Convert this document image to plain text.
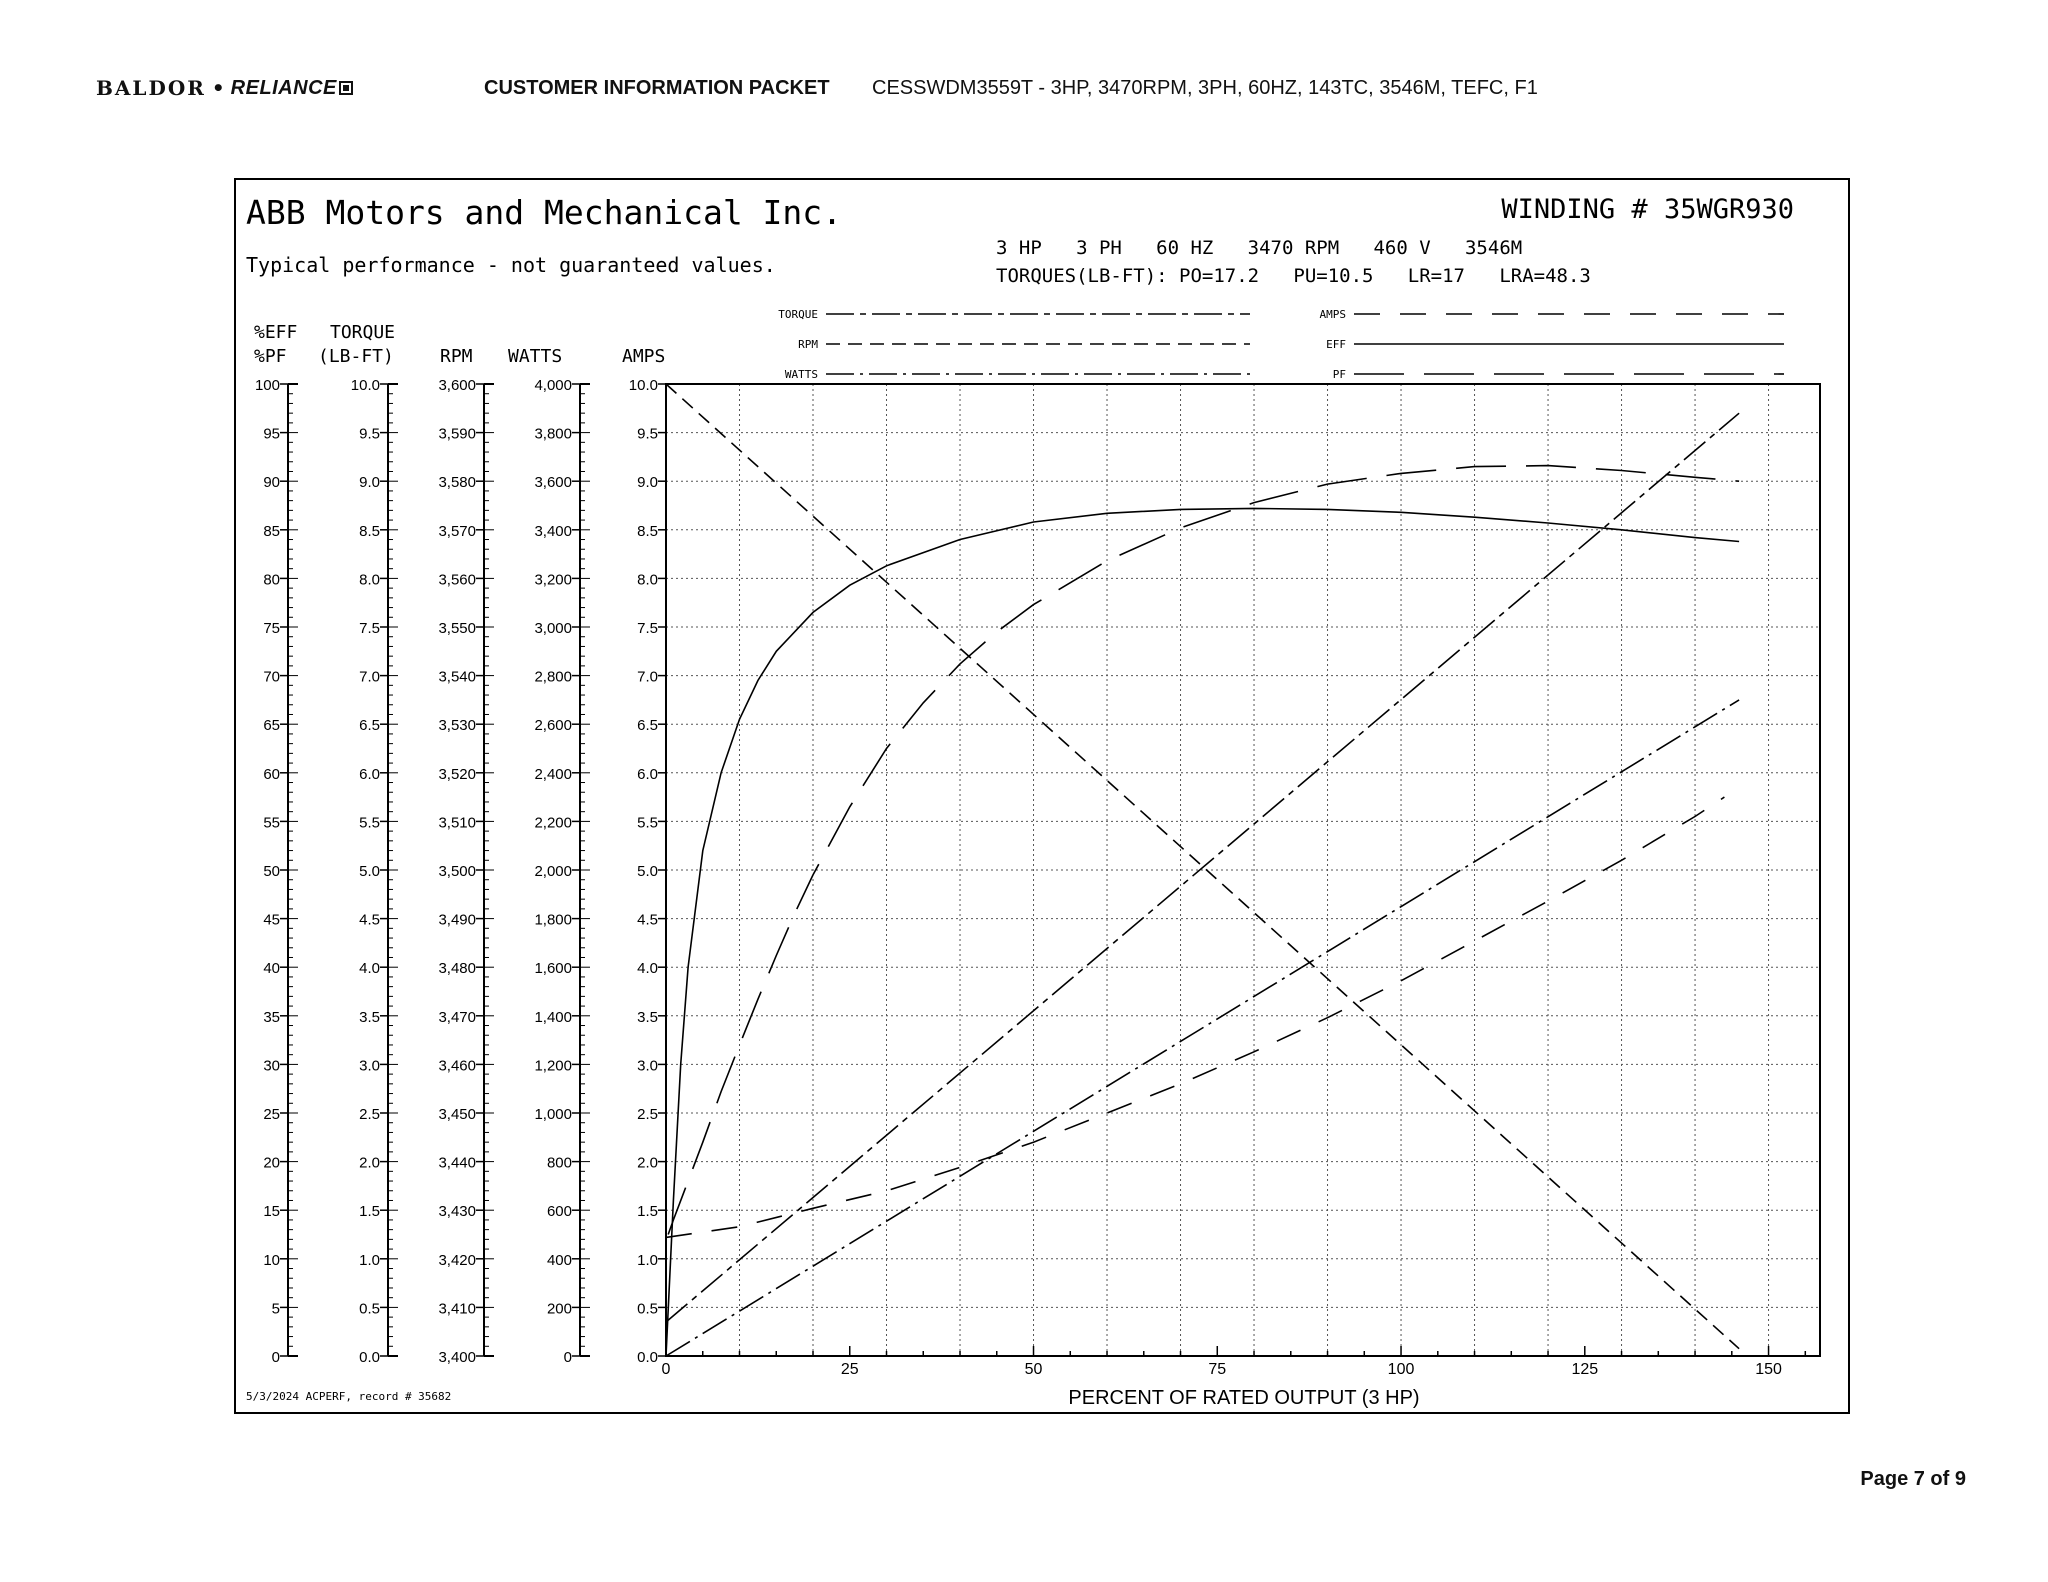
BALDOR • RELIANCE	CUSTOMER INFORMATION PACKET CESSWDM3559T - 3HP, 3470RPM, 3PH, 60HZ, 143TC, 3546M, TEFC, F1
ABB Motors and Mechanical Inc.
Typical performance - not guaranteed values.
WINDING # 35WGR930
3 HP   3 PH   60 HZ   3470 RPM   460 V   3546M
TORQUES(LB-FT): PO=17.2   PU=10.5   LR=17   LRA=48.3
TORQUE
RPM
WATTS
AMPS
EFF
PF
%EFF
%PF
TORQUE
(LB-FT)	RPM WATTS	AMPS
100
95
90
85
80
75
70
65
60
55
50
45
40
35
30
25
20
15
10
5
0
10.0
9.5
9.0
8.5
8.0
7.5
7.0
6.5
6.0
5.5
5.0
4.5
4.0
3.5
3.0
2.5
2.0
1.5
1.0
0.5
0.0
3,600
3,590
3,580
3,570
3,560
3,550
3,540
3,530
3,520
3,510
3,500
3,490
3,480
3,470
3,460
3,450
3,440
3,430
3,420
3,410
3,400
4,000
3,800
3,600
3,400
3,200
3,000
2,800
2,600
2,400
2,200
2,000
1,800
1,600
1,400
1,200
1,000
800
600
400
200
0
10.0
9.5
9.0
8.5
8.0
7.5
7.0
6.5
6.0
5.5
5.0
4.5
4.0
3.5
3.0
2.5
2.0
1.5
1.0
0.5
0.0
0	25	50	75	100	125	150
PERCENT OF RATED OUTPUT (3 HP)
5/3/2024 ACPERF, record # 35682
Page 7 of 9
